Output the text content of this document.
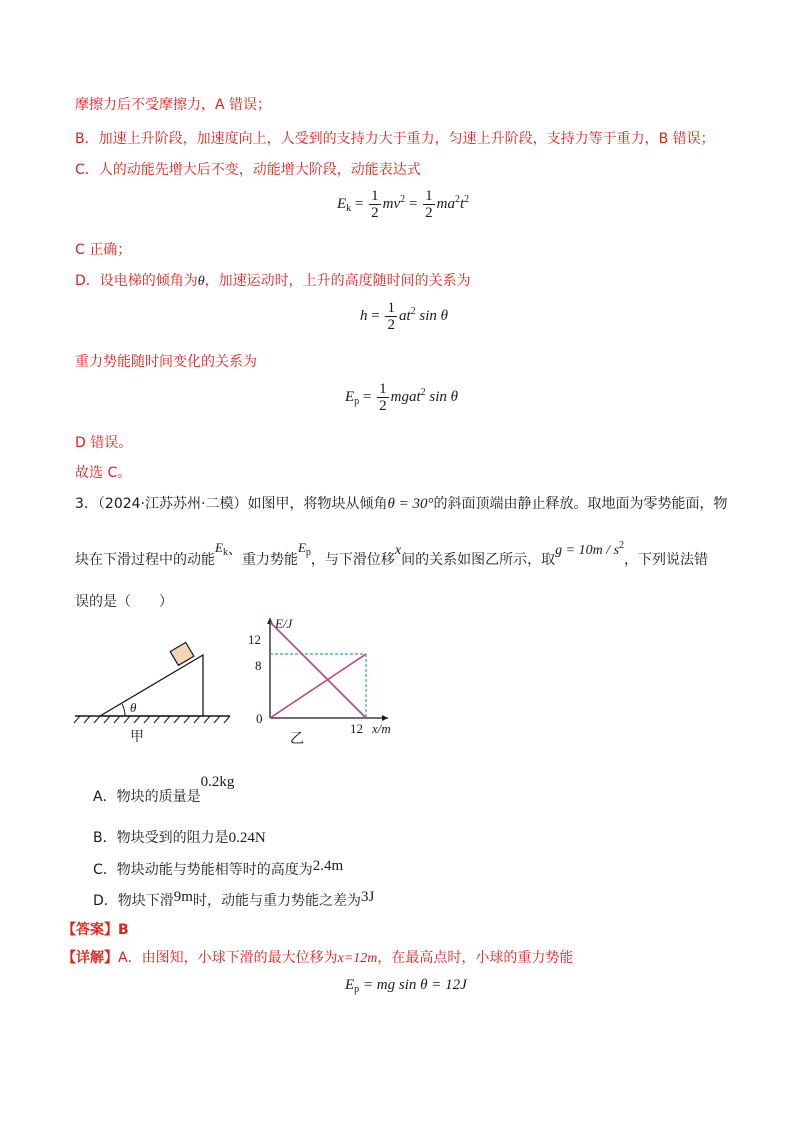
摩擦力后不受摩擦力，A 错误；
B．加速上升阶段，加速度向上，人受到的支持力大于重力，匀速上升阶段，支持力等于重力，B 错误；
C．人的动能先增大后不变，动能增大阶段，动能表达式
$E_k = \frac{1}{2} mv^2 = \frac{1}{2} ma^2t^2$
C 正确；
D．设电梯的倾角为θ，加速运动时，上升的高度随时间的关系为
$h = \frac{1}{2} at^2$ sin θ
重力势能随时间变化的关系为
$E_p = \frac{1}{2}$ mgat$^2$ sin θ
D 错误。
故选 C。
3．（2024·江苏苏州·二模）如图甲，将物块从倾角θ = 30°的斜面顶端由静止释放。取地面为零势能面，物
块在下滑过程中的动能$E_k$、重力势能$E_p$，与下滑位移x间的关系如图乙所示，取$g = 10m / s^2$，下列说法错
误的是（　　）
θ
甲
E/J
x/m
12
8
0
12
乙
A．物块的质量是0.2kg
B．物块受到的阻力是0.24N
C．物块动能与势能相等时的高度为2.4m
D．物块下滑9m时，动能与重力势能之差为3J
【答案】B
【详解】A．由图知，小球下滑的最大位移为x=12m，在最高点时，小球的重力势能
$E_p$ = mg sin θ = 12J
